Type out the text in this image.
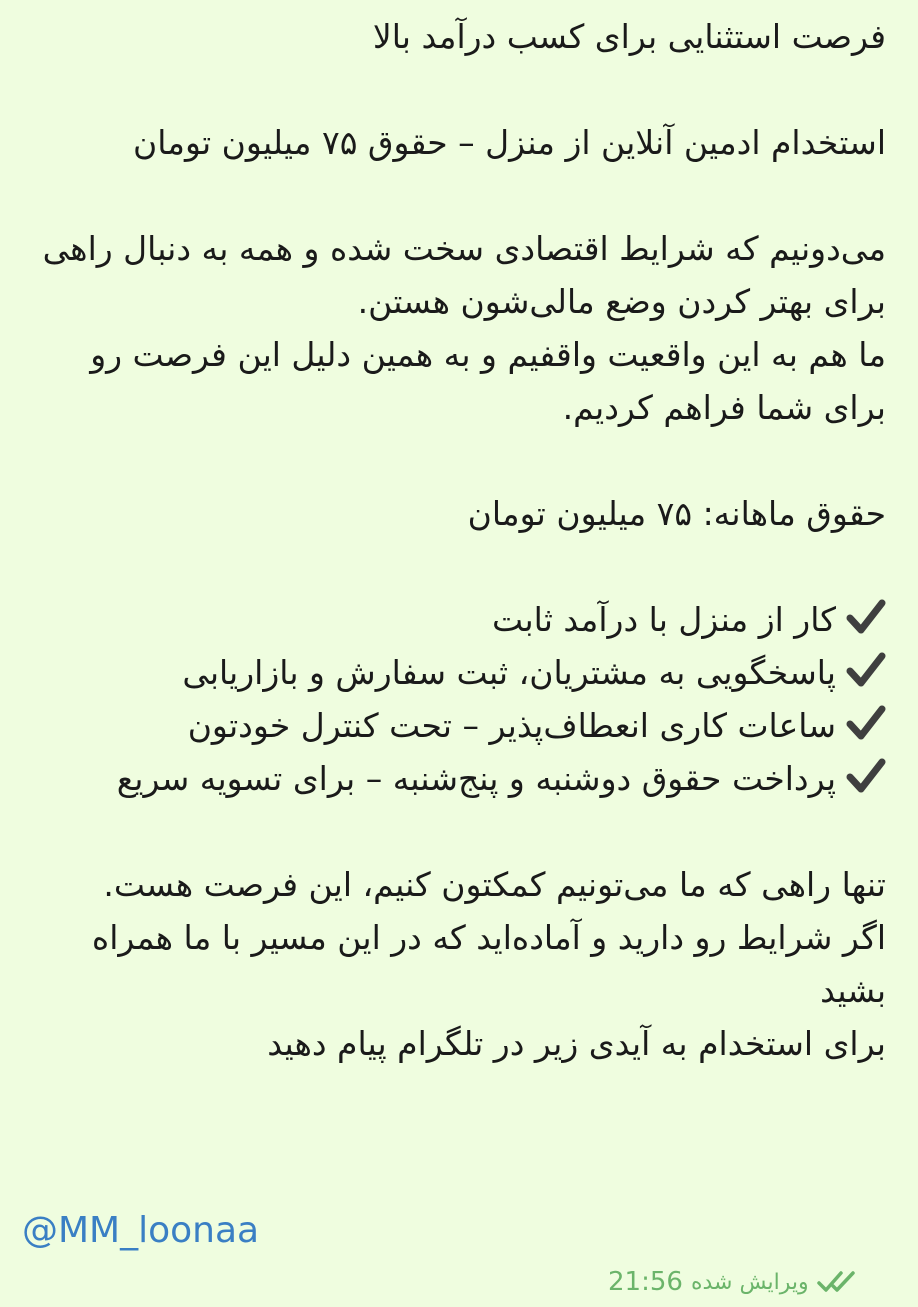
فرصت استثنایی برای کسب درآمد بالا

استخدام ادمین آنلاین از منزل – حقوق ۷۵ میلیون تومان

می‌دونیم که شرایط اقتصادی سخت شده و همه به دنبال راهی برای بهتر کردن وضع مالی‌شون هستن.

ما هم به این واقعیت واقفیم و به همین دلیل این فرصت رو برای شما فراهم کردیم.

حقوق ماهانه: ۷۵ میلیون تومان

کار از منزل با درآمد ثابت

پاسخگویی به مشتریان، ثبت سفارش و بازاریابی

ساعات کاری انعطاف‌پذیر – تحت کنترل خودتون

پرداخت حقوق دوشنبه و پنج‌شنبه – برای تسویه سریع

تنها راهی که ما می‌تونیم کمکتون کنیم، این فرصت هست.

اگر شرایط رو دارید و آماده‌اید که در این مسیر با ما همراه بشید

برای استخدام به آیدی زیر در تلگرام پیام دهید

@MM_loonaa
ویرایش شده
21:56
